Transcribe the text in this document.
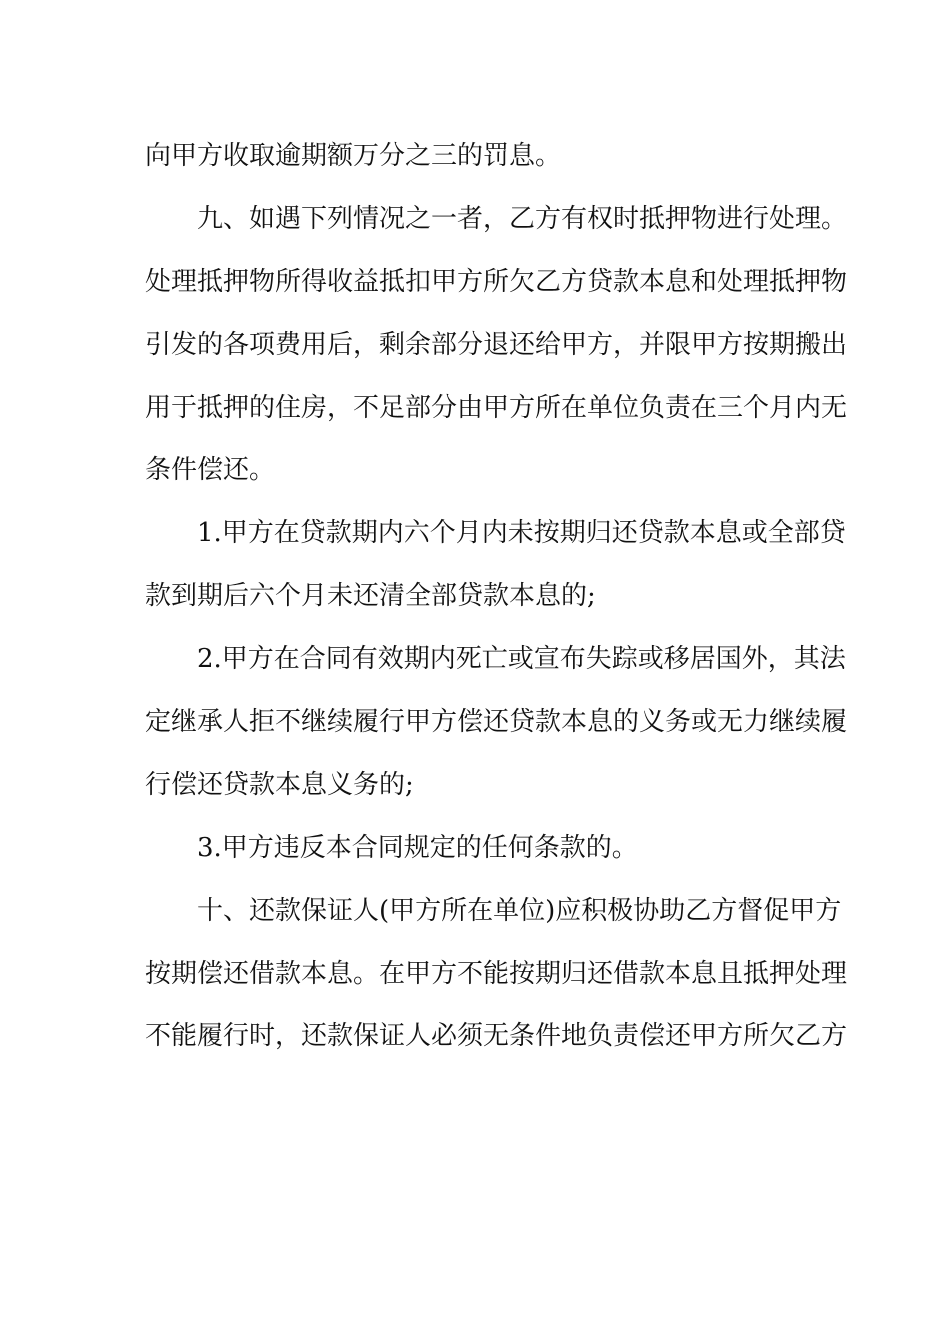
向甲方收取逾期额万分之三的罚息。
九、如遇下列情况之一者，乙方有权时抵押物进行处理。
处理抵押物所得收益抵扣甲方所欠乙方贷款本息和处理抵押物
引发的各项费用后，剩余部分退还给甲方，并限甲方按期搬出
用于抵押的住房，不足部分由甲方所在单位负责在三个月内无
条件偿还。
1.甲方在贷款期内六个月内未按期归还贷款本息或全部贷
款到期后六个月未还清全部贷款本息的;
2.甲方在合同有效期内死亡或宣布失踪或移居国外，其法
定继承人拒不继续履行甲方偿还贷款本息的义务或无力继续履
行偿还贷款本息义务的;
3.甲方违反本合同规定的任何条款的。
十、还款保证人(甲方所在单位)应积极协助乙方督促甲方
按期偿还借款本息。在甲方不能按期归还借款本息且抵押处理
不能履行时，还款保证人必须无条件地负责偿还甲方所欠乙方
